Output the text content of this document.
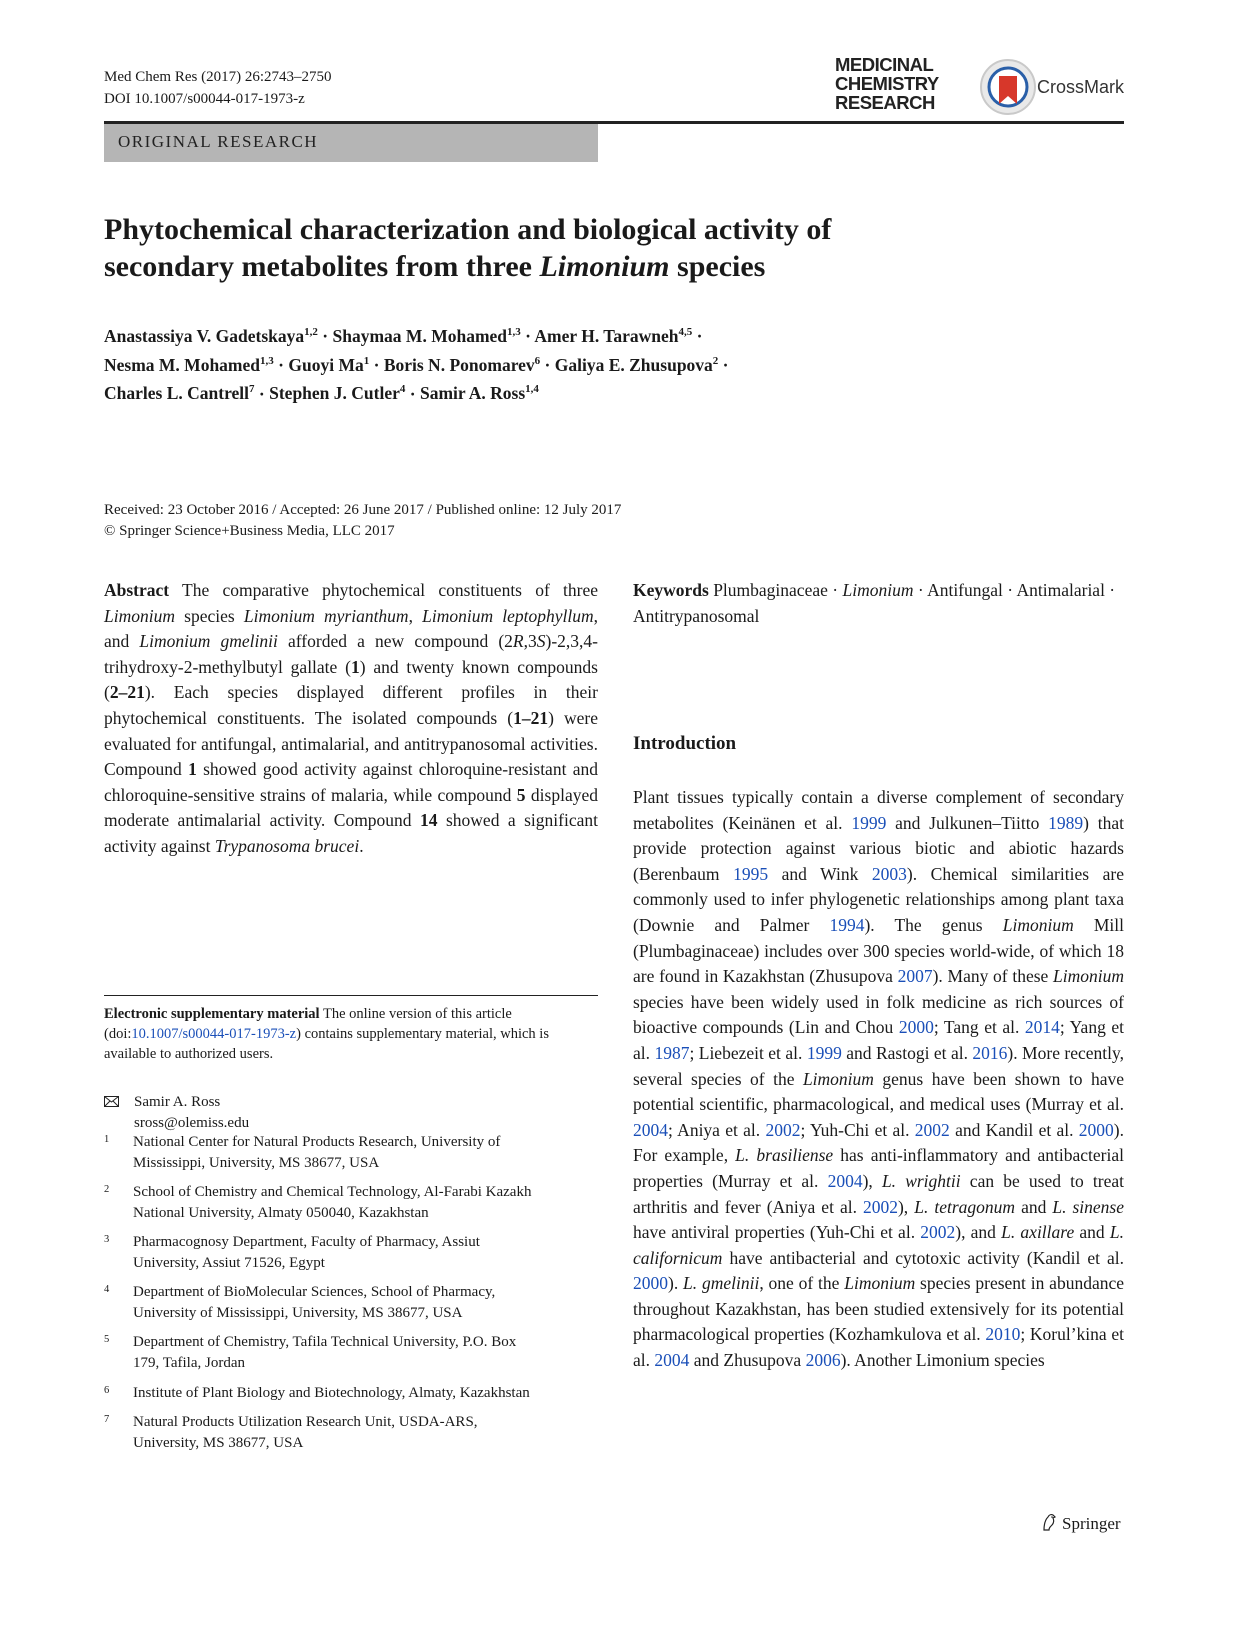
Med Chem Res (2017) 26:2743–2750
DOI 10.1007/s00044-017-1973-z
MEDICINAL
CHEMISTRY
RESEARCH
CrossMark
ORIGINAL RESEARCH
Phytochemical characterization and biological activity of
secondary metabolites from three Limonium species
Anastassiya V. Gadetskaya$^{1,2}$ · Shaymaa M. Mohamed$^{1,3}$ · Amer H. Tarawneh$^{4,5}$ ·
Nesma M. Mohamed$^{1,3}$ · Guoyi $Ma^1$ · Boris N. Ponomarev$^6$ · Galiya E. Zhusupova$^2$ ·
Charles L. Cantrell$^7$ · Stephen J. Cutler$^4$ · Samir A. Ross$^{1,4}$
Received: 23 October 2016 / Accepted: 26 June 2017 / Published online: 12 July 2017
© Springer Science+Business Media, LLC 2017
Abstract The comparative phytochemical constituents of three Limonium species Limonium myrianthum, Limonium leptophyllum, and Limonium gmelinii afforded a new compound (2R,3S)-2,3,4-trihydroxy-2-methylbutyl gallate (1) and twenty known compounds (2–21). Each species displayed different profiles in their phytochemical constituents. The isolated compounds (1–21) were evaluated for antifungal, antimalarial, and antitrypanosomal activities. Compound 1 showed good activity against chloroquine-resistant and chloroquine-sensitive strains of malaria, while compound 5 displayed moderate antimalarial activity. Compound 14 showed a significant activity against Trypanosoma brucei.
Keywords Plumbaginaceae · Limonium · Antifungal · Antimalarial · Antitrypanosomal
Introduction
Plant tissues typically contain a diverse complement of secondary metabolites (Keinänen et al. 1999 and Julkunen–Tiitto 1989) that provide protection against various biotic and abiotic hazards (Berenbaum 1995 and Wink 2003). Chemical similarities are commonly used to infer phylogenetic relationships among plant taxa (Downie and Palmer 1994). The genus Limonium Mill (Plumbaginaceae) includes over 300 species world-wide, of which 18 are found in Kazakhstan (Zhusupova 2007). Many of these Limonium species have been widely used in folk medicine as rich sources of bioactive compounds (Lin and Chou 2000; Tang et al. 2014; Yang et al. 1987; Liebezeit et al. 1999 and Rastogi et al. 2016). More recently, several species of the Limonium genus have been shown to have potential scientific, pharmacological, and medical uses (Murray et al. 2004; Aniya et al. 2002; Yuh-Chi et al. 2002 and Kandil et al. 2000). For example, L. brasiliense has anti-inflammatory and antibacterial properties (Murray et al. 2004), L. wrightii can be used to treat arthritis and fever (Aniya et al. 2002), L. tetragonum and L. sinense have antiviral properties (Yuh-Chi et al. 2002), and L. axillare and L. californicum have antibacterial and cytotoxic activity (Kandil et al. 2000). L. gmelinii, one of the Limonium species present in abundance throughout Kazakhstan, has been studied extensively for its potential pharmacological properties (Kozhamkulova et al. 2010; Korul’kina et al. 2004 and Zhusupova 2006). Another Limonium species
Electronic supplementary material The online version of this article (doi:10.1007/s00044-017-1973-z) contains supplementary material, which is available to authorized users.
Samir A. Ross
sross@olemiss.edu
1 National Center for Natural Products Research, University of
Mississippi, University, MS 38677, USA
2 School of Chemistry and Chemical Technology, Al-Farabi Kazakh
National University, Almaty 050040, Kazakhstan
3 Pharmacognosy Department, Faculty of Pharmacy, Assiut
University, Assiut 71526, Egypt
4 Department of BioMolecular Sciences, School of Pharmacy,
University of Mississippi, University, MS 38677, USA
5 Department of Chemistry, Tafila Technical University, P.O. Box
179, Tafila, Jordan
6 Institute of Plant Biology and Biotechnology, Almaty, Kazakhstan
7 Natural Products Utilization Research Unit, USDA-ARS,
University, MS 38677, USA
Springer
